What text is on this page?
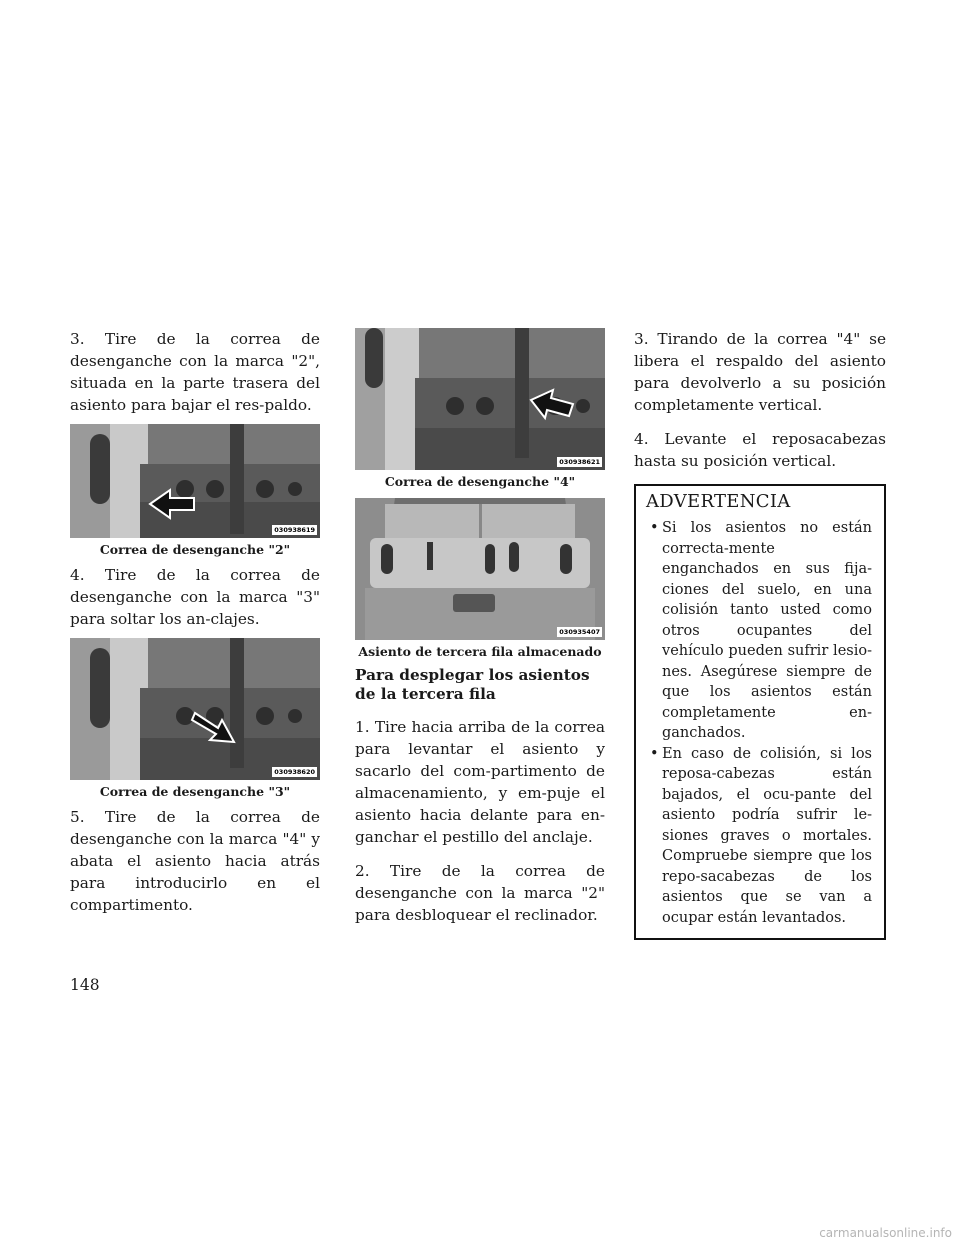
3. Tire de la correa de desenganche con la marca "2", situada en la parte trasera del asiento para bajar el res-paldo.

030938619
Correa de desenganche "2"

4. Tire de la correa de desenganche con la marca "3" para soltar los an-clajes.

030938620
Correa de desenganche "3"

5. Tire de la correa de desenganche con la marca "4" y abata el asiento hacia atrás para introducirlo en el compartimento.

030938621
Correa de desenganche "4"
030935407
Asiento de tercera fila almacenado
Para desplegar los asientos de la tercera fila

1. Tire hacia arriba de la correa para levantar el asiento y sacarlo del com-partimento de almacenamiento, y em-puje el asiento hacia delante para en-ganchar el pestillo del anclaje.

2. Tire de la correa de desenganche con la marca "2" para desbloquear el reclinador.

3. Tirando de la correa "4" se libera el respaldo del asiento para devolverlo a su posición completamente vertical.

4. Levante el reposacabezas hasta su posición vertical.

ADVERTENCIA
• Si los asientos no están correcta-mente enganchados en sus fija-ciones del suelo, en una colisión tanto usted como otros ocupantes del vehículo pueden sufrir lesio-nes. Asegúrese siempre de que los asientos están completamente en-ganchados.
• En caso de colisión, si los reposa-cabezas están bajados, el ocu-pante del asiento podría sufrir le-siones graves o mortales. Compruebe siempre que los repo-sacabezas de los asientos que se van a ocupar están levantados.
148
carmanualsonline.info
